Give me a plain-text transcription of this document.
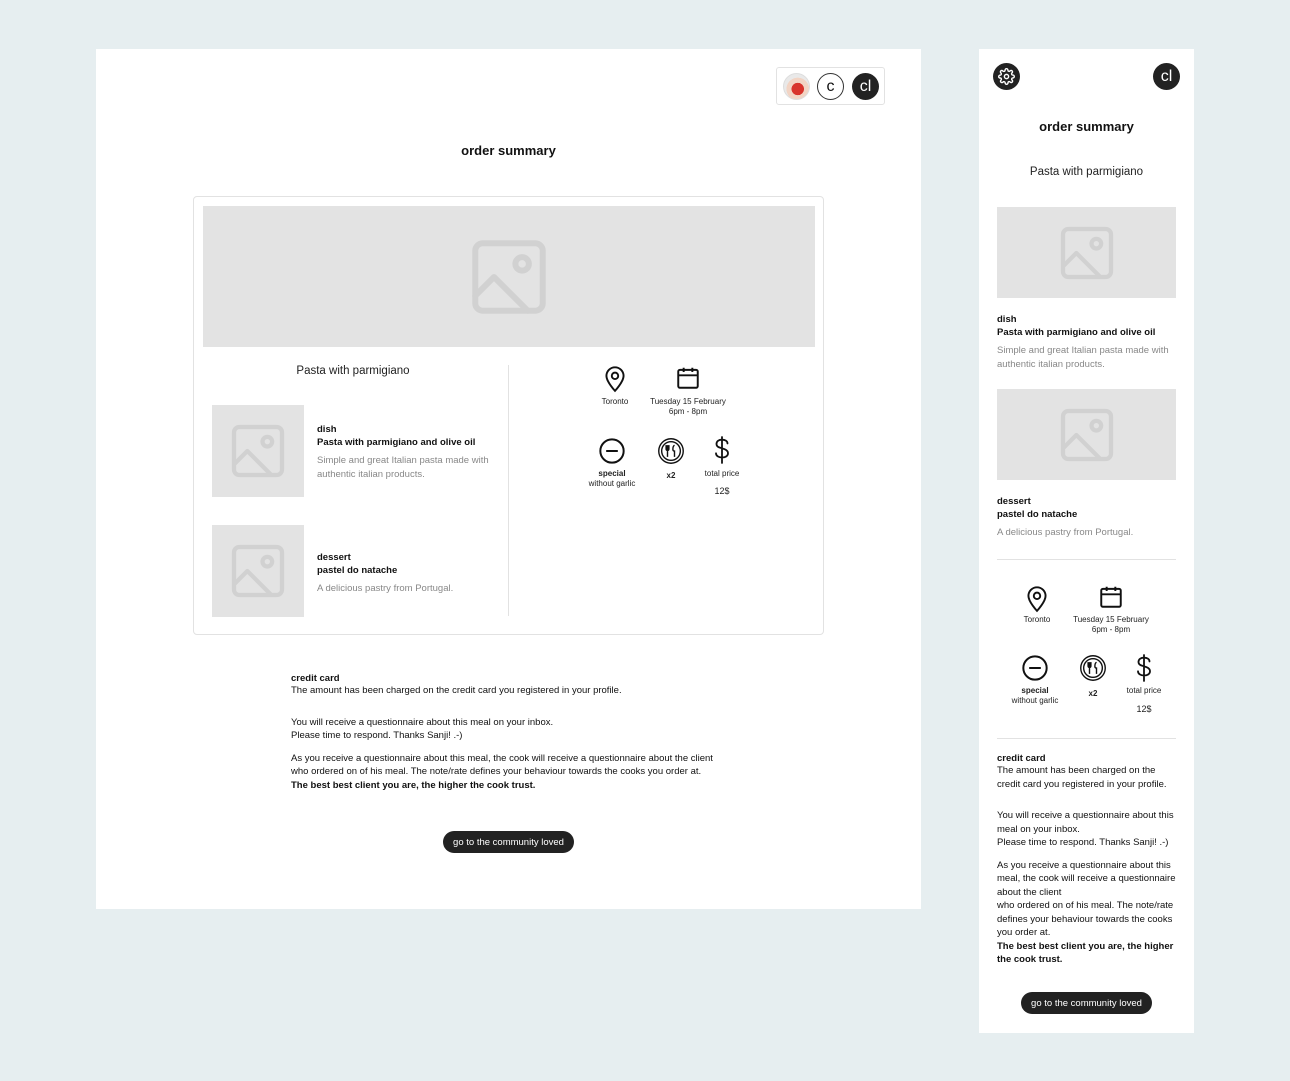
c cl
order summary
Pasta with parmigiano
dish
Pasta with parmigiano and olive oil
Simple and great Italian pasta made with authentic italian products.
dessert
pastel do natache
A delicious pastry from Portugal.
Toronto	Tuesday 15 February
6pm - 8pm
special
without garlic
x2	total price
12$
credit card
The amount has been charged on the credit card you registered in your profile.
You will receive a questionnaire about this meal on your inbox.
Please time to respond. Thanks Sanji! .-)
As you receive a questionnaire about this meal, the cook will receive a questionnaire about the client
who ordered on of his meal. The note/rate defines your behaviour towards the cooks you order at.
The best best client you are, the higher the cook trust.
go to the community loved
cl
order summary
Pasta with parmigiano
dish
Pasta with parmigiano and olive oil
Simple and great Italian pasta made with authentic italian products.
dessert
pastel do natache
A delicious pastry from Portugal.
Toronto	Tuesday 15 February
6pm - 8pm
special
without garlic
x2	total price
12$
credit card
The amount has been charged on the credit card you registered in your profile.
You will receive a questionnaire about this meal on your inbox.
Please time to respond. Thanks Sanji! .-)
As you receive a questionnaire about this meal, the cook will receive a questionnaire about the client
who ordered on of his meal. The note/rate defines your behaviour towards the cooks you order at.
The best best client you are, the higher the cook trust.
go to the community loved
